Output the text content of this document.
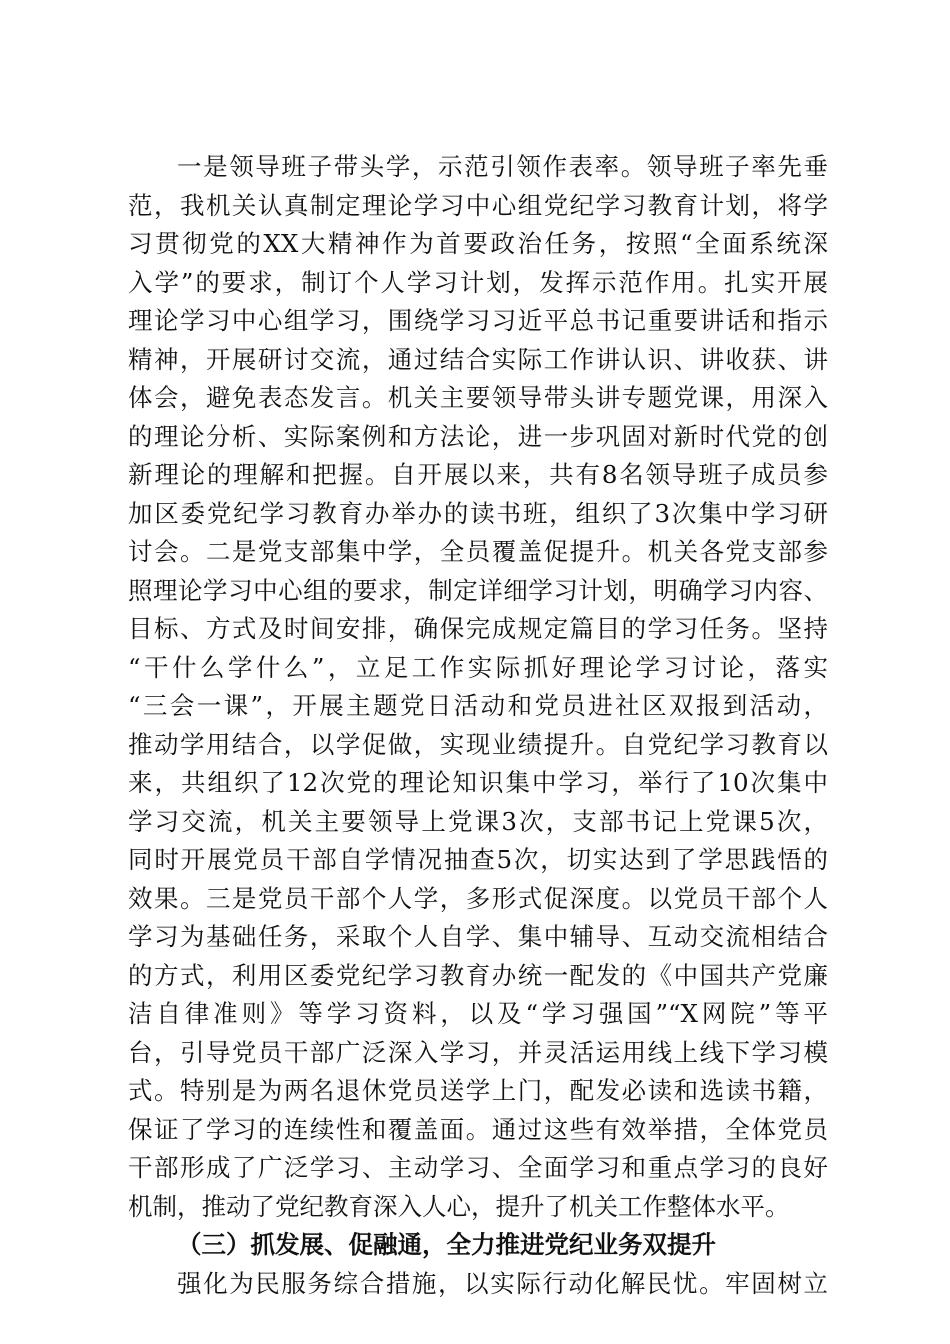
一是领导班子带头学，示范引领作表率。领导班子率先垂
范，我机关认真制定理论学习中心组党纪学习教育计划，将学
习贯彻党的XX大精神作为首要政治任务，按照“全面系统深
入学”的要求，制订个人学习计划，发挥示范作用。扎实开展
理论学习中心组学习，围绕学习习近平总书记重要讲话和指示
精神，开展研讨交流，通过结合实际工作讲认识、讲收获、讲
体会，避免表态发言。机关主要领导带头讲专题党课，用深入
的理论分析、实际案例和方法论，进一步巩固对新时代党的创
新理论的理解和把握。自开展以来，共有8名领导班子成员参
加区委党纪学习教育办举办的读书班，组织了3次集中学习研
讨会。二是党支部集中学，全员覆盖促提升。机关各党支部参
照理论学习中心组的要求，制定详细学习计划，明确学习内容、
目标、方式及时间安排，确保完成规定篇目的学习任务。坚持
“干什么学什么”，立足工作实际抓好理论学习讨论，落实
“三会一课”，开展主题党日活动和党员进社区双报到活动，
推动学用结合，以学促做，实现业绩提升。自党纪学习教育以
来，共组织了12次党的理论知识集中学习，举行了10次集中
学习交流，机关主要领导上党课3次，支部书记上党课5次，
同时开展党员干部自学情况抽查5次，切实达到了学思践悟的
效果。三是党员干部个人学，多形式促深度。以党员干部个人
学习为基础任务，采取个人自学、集中辅导、互动交流相结合
的方式，利用区委党纪学习教育办统一配发的《中国共产党廉
洁自律准则》等学习资料，以及“学习强国”“X网院”等平
台，引导党员干部广泛深入学习，并灵活运用线上线下学习模
式。特别是为两名退休党员送学上门，配发必读和选读书籍，
保证了学习的连续性和覆盖面。通过这些有效举措，全体党员
干部形成了广泛学习、主动学习、全面学习和重点学习的良好
机制，推动了党纪教育深入人心，提升了机关工作整体水平。
（三）抓发展、促融通，全力推进党纪业务双提升
强化为民服务综合措施，以实际行动化解民忧。牢固树立
